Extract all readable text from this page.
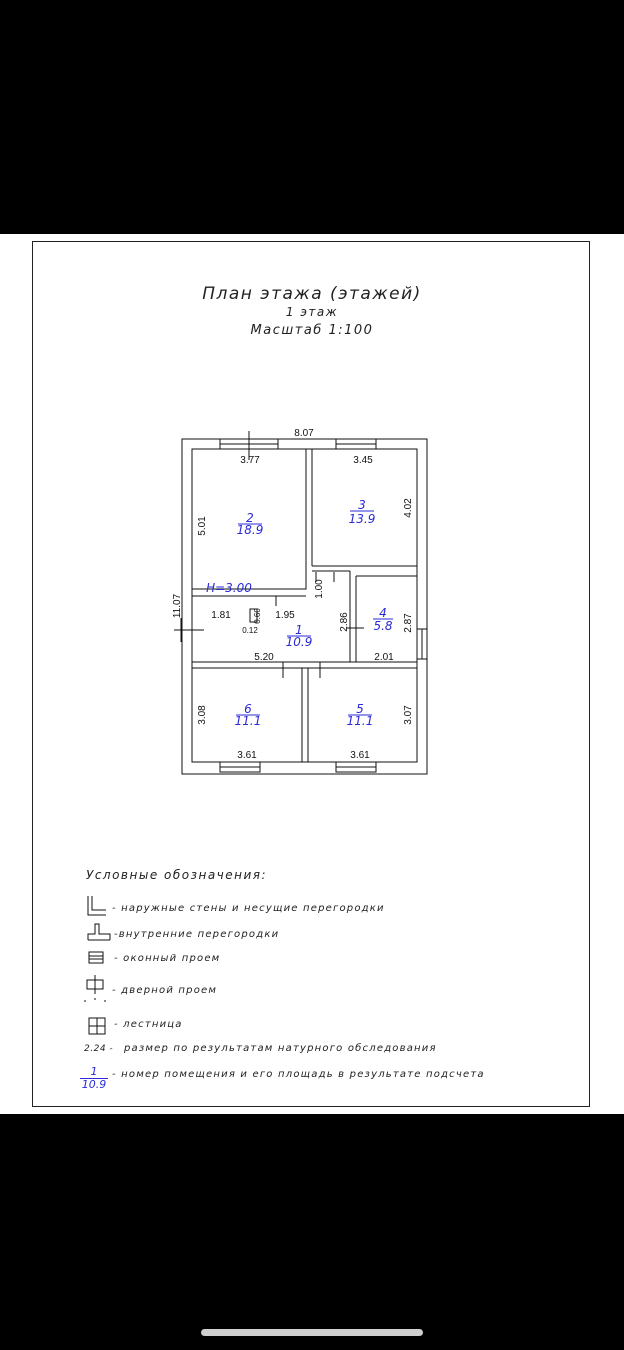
План этажа (этажей)
1 этаж
Масштаб 1:100
8.07
3.77	3.45
4.02
5.01
11.07
H=3.00
1.81	0.60
0.12
1.95
1.00
2.86	2.87
2.01
5.20
3.08	3.07
3.61	3.61
2
18.9
3
13.9
1
10.9
4
5.8
6
11.1
5
11.1
Условные обозначения:
- наружные стены и несущие перегородки
-внутренние перегородки
- оконный проем
- дверной проем
- лестница
2.24 - размер по результатам натурного обследования
$\frac{1}{10.9}$ - номер помещения и его площадь в результате подсчета
